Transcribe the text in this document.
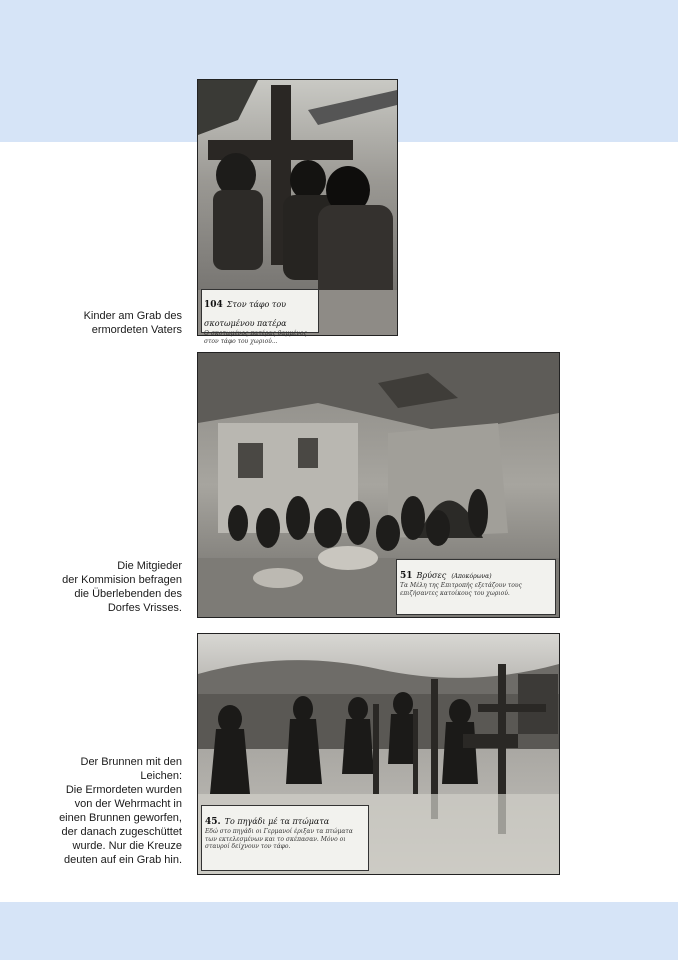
Kinder am Grab des
ermordeten Vaters
104 Στον τάφο του σκοτωμένου πατέρα
Ο σκοτωμένος πατέρας θαμμένος στον τάφο του χωριού...
Die Mitgieder
der Kommision befragen
die Überlebenden des
Dorfes Vrisses.
51 Βρύσες (Αποκόρωνα)
Τα Μέλη της Επιτροπής εξετάζουν τους επιζήσαντες κατοίκους του χωριού.
Der Brunnen mit den
Leichen:
Die Ermordeten wurden
von der Wehrmacht in
einen Brunnen geworfen,
der danach zugeschüttet
wurde. Nur die Kreuze
deuten auf ein Grab hin.
45. Το πηγάδι μέ τα πτώματα
Εδώ στο πηγάδι οι Γερμανοί έριξαν τα πτώματα των εκτελεσμένων και το σκέπασαν. Μόνο οι σταυροί δείχνουν τον τάφο.
